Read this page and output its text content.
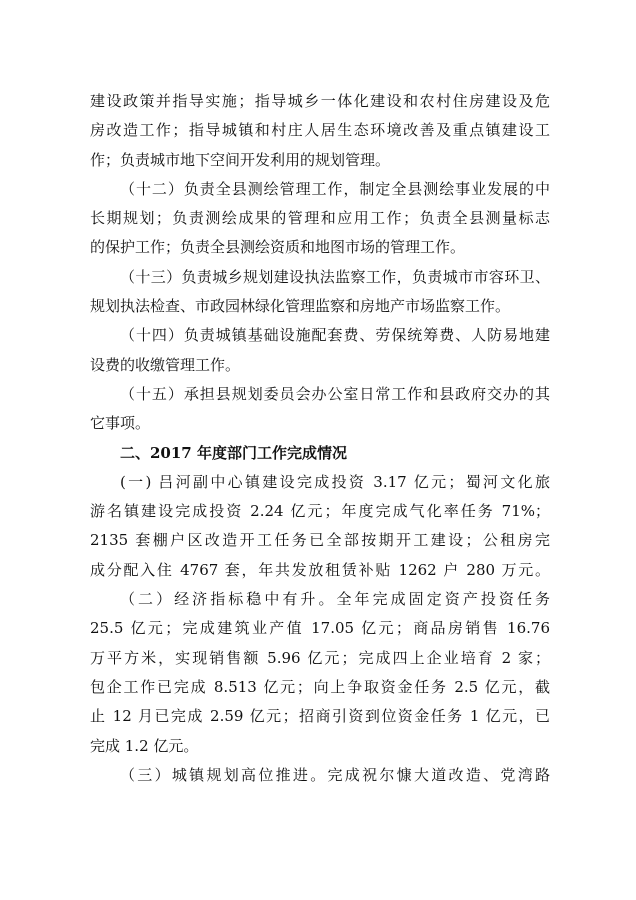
建设政策并指导实施；指导城乡一体化建设和农村住房建设及危
房改造工作；指导城镇和村庄人居生态环境改善及重点镇建设工
作；负责城市地下空间开发利用的规划管理。
（十二）负责全县测绘管理工作，制定全县测绘事业发展的中
长期规划；负责测绘成果的管理和应用工作；负责全县测量标志
的保护工作；负责全县测绘资质和地图市场的管理工作。
（十三）负责城乡规划建设执法监察工作，负责城市市容环卫、
规划执法检查、市政园林绿化管理监察和房地产市场监察工作。
（十四）负责城镇基础设施配套费、劳保统筹费、人防易地建
设费的收缴管理工作。
（十五）承担县规划委员会办公室日常工作和县政府交办的其
它事项。
二、2017 年度部门工作完成情况
(一) 吕河副中心镇建设完成投资 3.17 亿元；蜀河文化旅
游名镇建设完成投资 2.24 亿元；年度完成气化率任务 71%；
2135 套棚户区改造开工任务已全部按期开工建设；公租房完
成分配入住 4767 套，年共发放租赁补贴 1262 户 280 万元。
（二）经济指标稳中有升。全年完成固定资产投资任务
25.5 亿元；完成建筑业产值 17.05 亿元；商品房销售 16.76
万平方米，实现销售额 5.96 亿元；完成四上企业培育 2 家；
包企工作已完成 8.513 亿元；向上争取资金任务 2.5 亿元，截
止 12 月已完成 2.59 亿元；招商引资到位资金任务 1 亿元，已
完成 1.2 亿元。
（三）城镇规划高位推进。完成祝尔慷大道改造、党湾路
